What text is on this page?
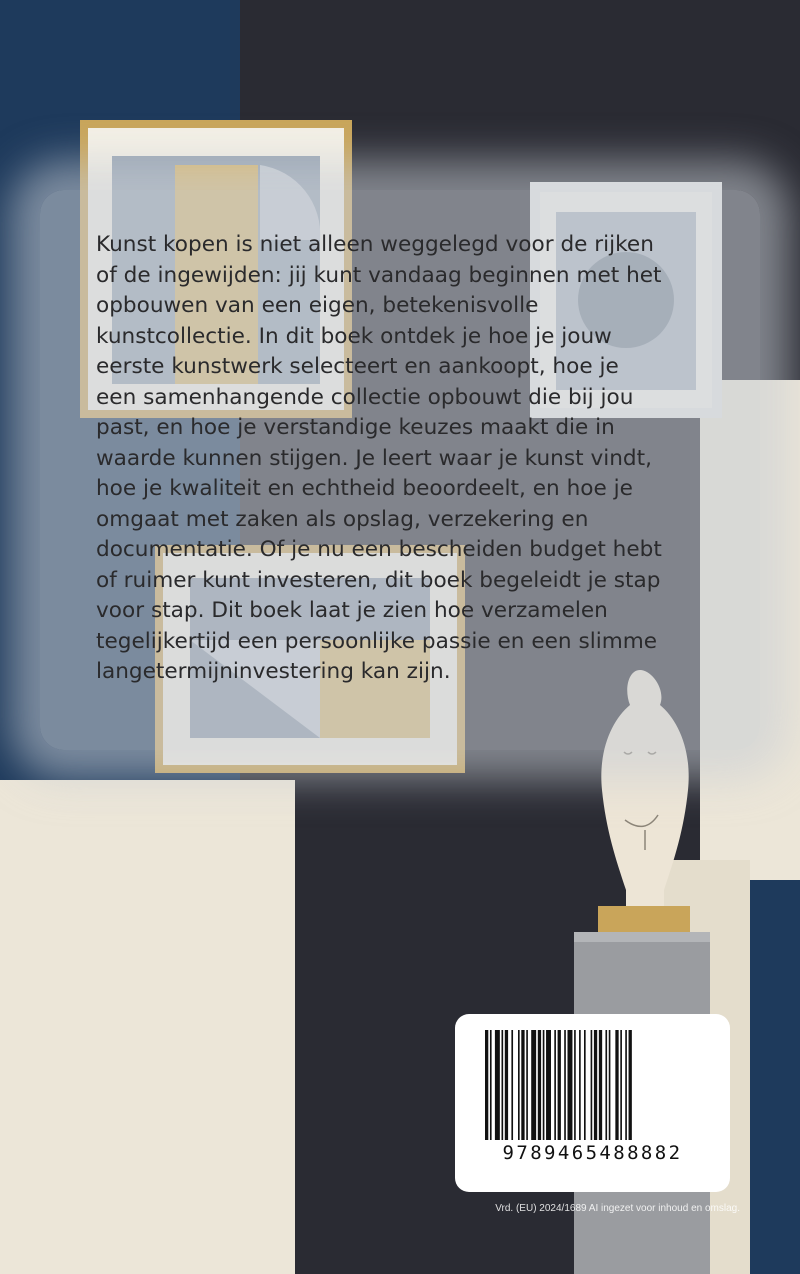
Kunst kopen is niet alleen weggelegd voor de rijken
of de ingewijden: jij kunt vandaag beginnen met het
opbouwen van een eigen, betekenisvolle
kunstcollectie. In dit boek ontdek je hoe je jouw
eerste kunstwerk selecteert en aankoopt, hoe je
een samenhangende collectie opbouwt die bij jou
past, en hoe je verstandige keuzes maakt die in
waarde kunnen stijgen. Je leert waar je kunst vindt,
hoe je kwaliteit en echtheid beoordeelt, en hoe je
omgaat met zaken als opslag, verzekering en
documentatie. Of je nu een bescheiden budget hebt
of ruimer kunt investeren, dit boek begeleidt je stap
voor stap. Dit boek laat je zien hoe verzamelen
tegelijkertijd een persoonlijke passie en een slimme
langetermijninvestering kan zijn.

9789465488882
Vrd. (EU) 2024/1689 AI ingezet voor inhoud en omslag.
